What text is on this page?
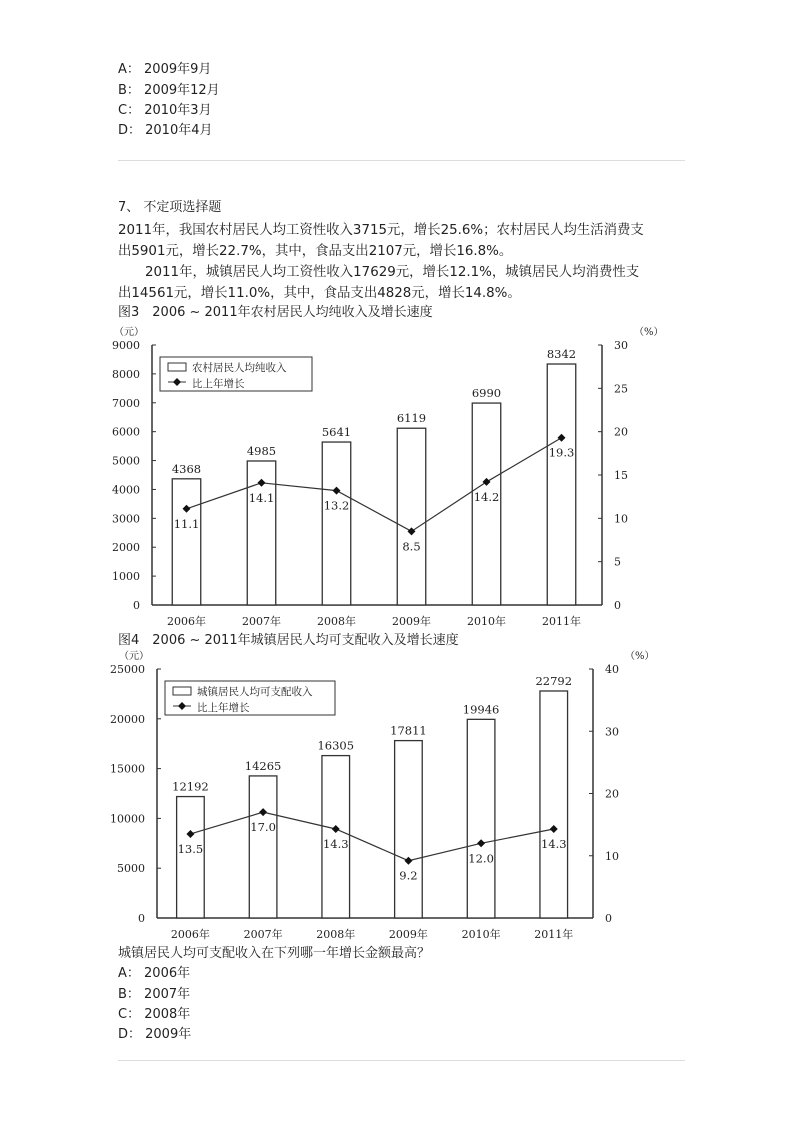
A： 2009年9月
B： 2009年12月
C： 2010年3月
D： 2010年4月
7、 不定项选择题
2011年，我国农村居民人均工资性收入3715元，增长25.6%；农村居民人均生活消费支
出5901元，增长22.7%，其中，食品支出2107元，增长16.8%。
2011年，城镇居民人均工资性收入17629元，增长12.1%，城镇居民人均消费性支
出14561元，增长11.0%，其中，食品支出4828元，增长14.8%。
图3　2006 ~ 2011年农村居民人均纯收入及增长速度
（元）	（%）
0
1000
2000
3000
4000
5000
6000
7000
8000
9000
0
5
10
15
20
25
30
2006年	2007年	2008年	2009年	2010年	2011年
4368
4985
5641
6119
6990
8342
11.1
14.1
13.2
8.5
14.2
19.3
农村居民人均纯收入
比上年增长
图4　2006 ~ 2011年城镇居民人均可支配收入及增长速度
（元）	（%）
0
5000
10000
15000
20000
25000
0
10
20
30
40
2006年	2007年	2008年	2009年	2010年	2011年
12192
14265
16305
17811
19946
22792
13.5
17.0
14.3
9.2
12.0
14.3
城镇居民人均可支配收入
比上年增长
城镇居民人均可支配收入在下列哪一年增长金额最高？
A： 2006年
B： 2007年
C： 2008年
D： 2009年
